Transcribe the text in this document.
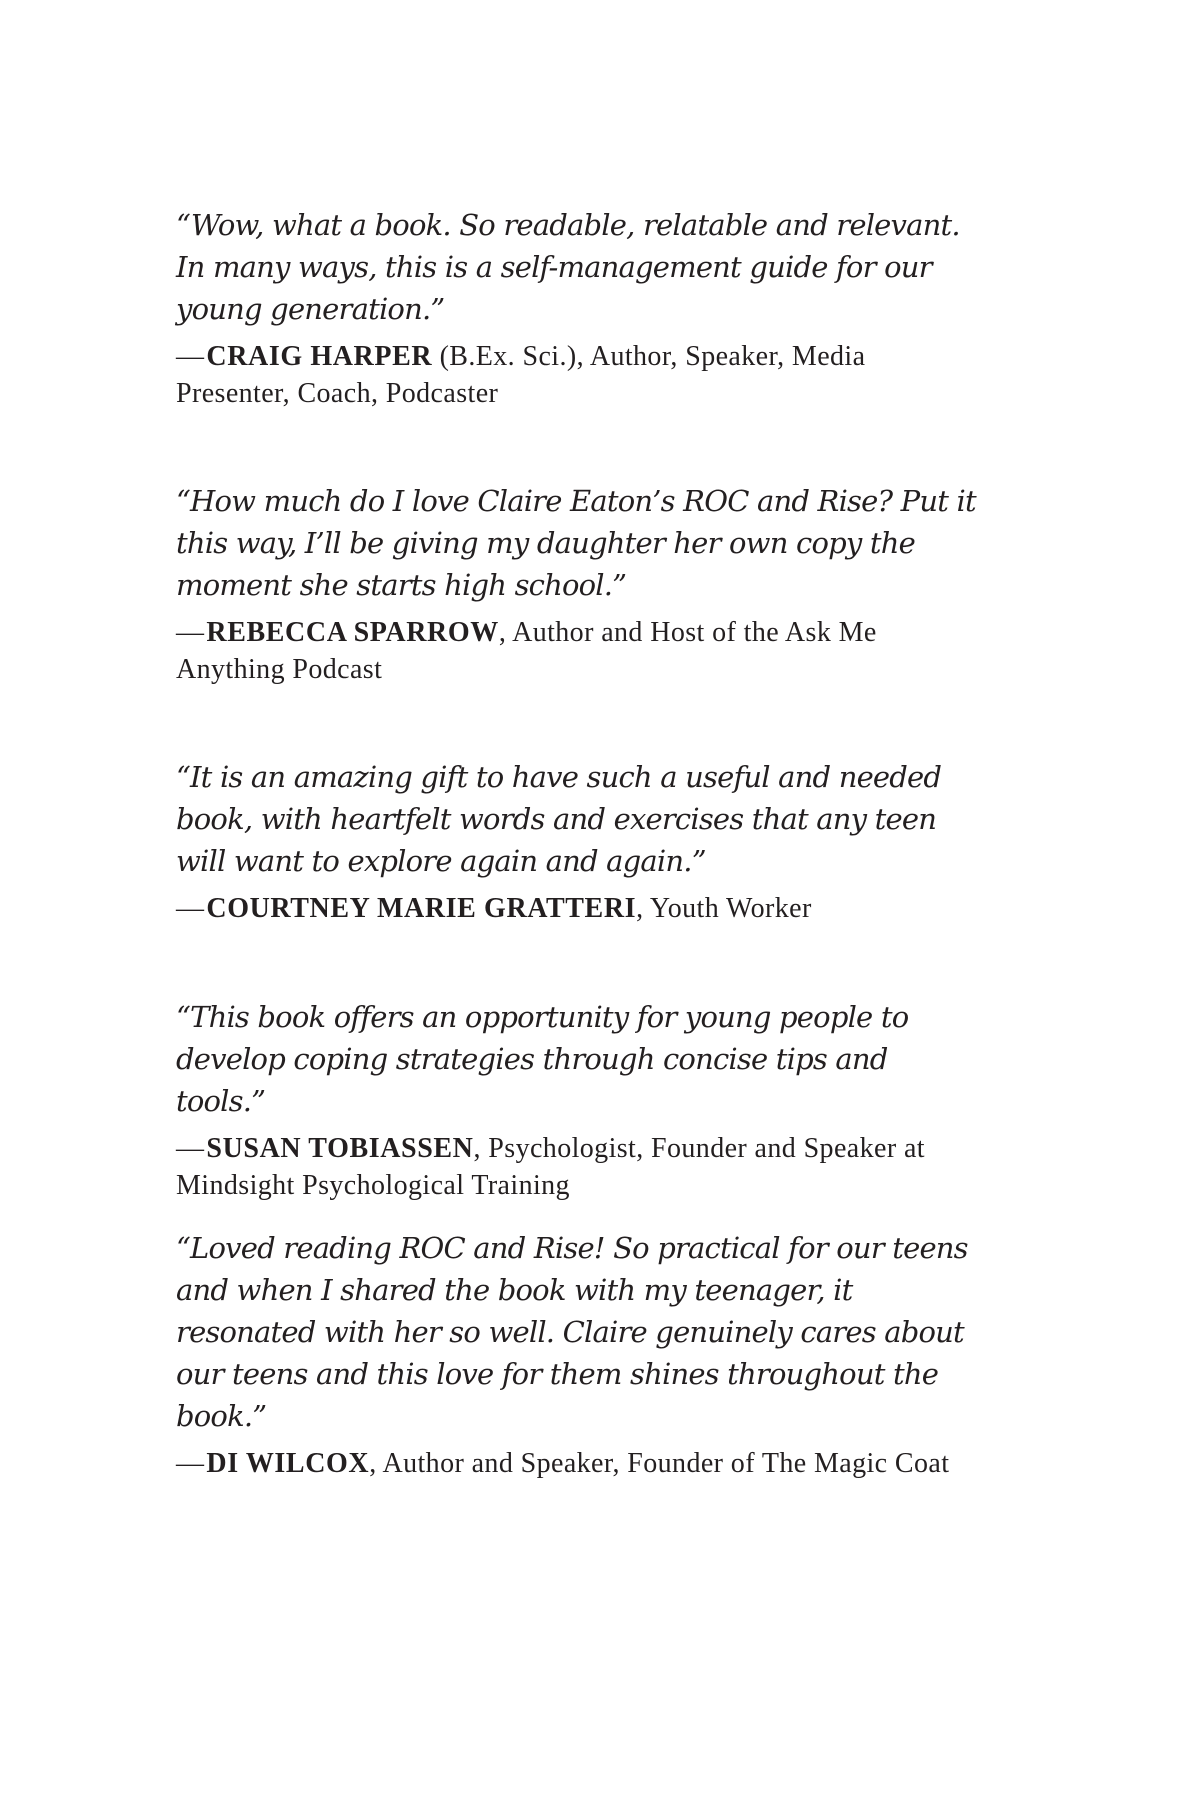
“Wow, what a book. So readable, relatable and relevant. In many ways, this is a self-management guide for our young generation.”

—CRAIG HARPER (B.Ex. Sci.), Author, Speaker, Media Presenter, Coach, Podcaster

“How much do I love Claire Eaton’s ROC and Rise? Put it this way, I’ll be giving my daughter her own copy the moment she starts high school.”

—REBECCA SPARROW, Author and Host of the Ask Me Anything Podcast

“It is an amazing gift to have such a useful and needed book, with heartfelt words and exercises that any teen will want to explore again and again.”

—COURTNEY MARIE GRATTERI, Youth Worker

“This book offers an opportunity for young people to develop coping strategies through concise tips and tools.”

—SUSAN TOBIASSEN, Psychologist, Founder and Speaker at Mindsight Psychological Training

“Loved reading ROC and Rise! So practical for our teens and when I shared the book with my teenager, it resonated with her so well. Claire genuinely cares about our teens and this love for them shines throughout the book.”

—DI WILCOX, Author and Speaker, Founder of The Magic Coat
